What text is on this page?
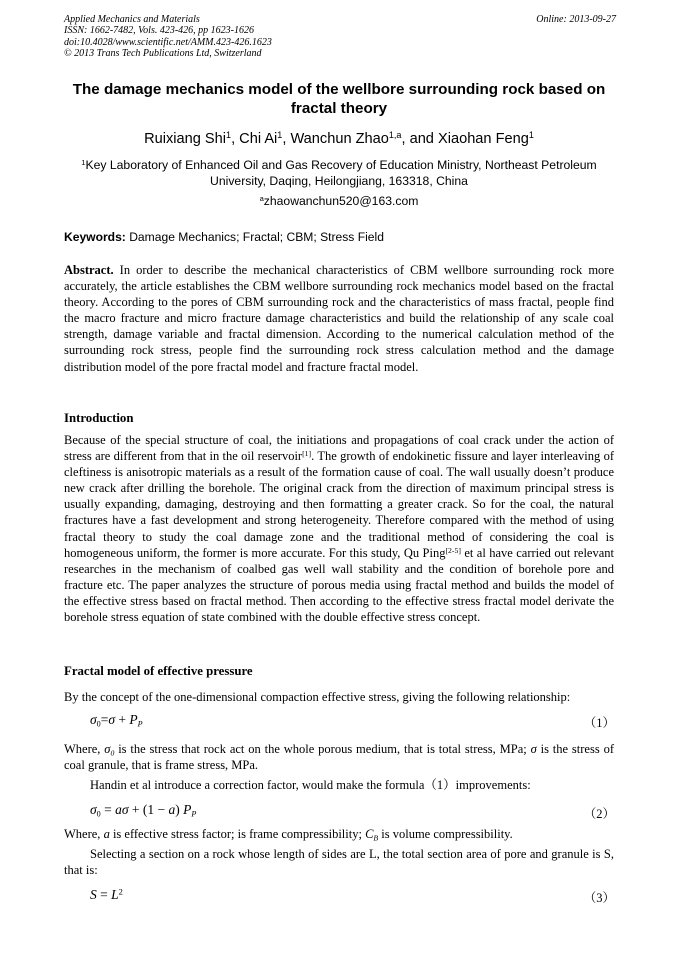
Applied Mechanics and Materials
ISSN: 1662-7482, Vols. 423-426, pp 1623-1626
doi:10.4028/www.scientific.net/AMM.423-426.1623
© 2013 Trans Tech Publications Ltd, Switzerland
Online: 2013-09-27
The damage mechanics model of the wellbore surrounding rock based on fractal theory
Ruixiang Shi$^1$, Chi Ai$^1$, Wanchun Zhao$^{1,a}$, and Xiaohan Feng$^1$
$^1$Key Laboratory of Enhanced Oil and Gas Recovery of Education Ministry, Northeast Petroleum University, Daqing, Heilongjiang, 163318, China
$^a$zhaowanchun520@163.com
Keywords: Damage Mechanics; Fractal; CBM; Stress Field

Abstract. In order to describe the mechanical characteristics of CBM wellbore surrounding rock more accurately, the article establishes the CBM wellbore surrounding rock mechanics model based on the fractal theory. According to the pores of CBM surrounding rock and the characteristics of mass fractal, people find the macro fracture and micro fracture damage characteristics and build the relationship of any scale coal strength, damage variable and fractal dimension. According to the numerical calculation method of the surrounding rock stress, people find the surrounding rock stress calculation method and the damage distribution model of the pore fractal model and fracture fractal model.

Introduction

Because of the special structure of coal, the initiations and propagations of coal crack under the action of stress are different from that in the oil reservoir[1]. The growth of endokinetic fissure and layer interleaving of cleftiness is anisotropic materials as a result of the formation cause of coal. The wall usually doesn’t produce new crack after drilling the borehole. The original crack from the direction of maximum principal stress is usually expanding, damaging, destroying and then formatting a greater crack. So for the coal, the natural fractures have a fast development and strong heterogeneity. Therefore compared with the method of using fractal theory to study the coal damage zone and the traditional method of considering the coal is homogeneous uniform, the former is more accurate. For this study, Qu Ping[2-5] et al have carried out relevant researches in the mechanism of coalbed gas well wall stability and the condition of borehole pore and fracture etc. The paper analyzes the structure of porous media using fractal method and builds the model of the effective stress based on fractal method. Then according to the effective stress fractal model derivate the borehole stress equation of state combined with the double effective stress concept.

Fractal model of effective pressure

By the concept of the one-dimensional compaction effective stress, giving the following relationship:

$\sigma_0=\sigma + P_P$	（1）

Where, $\sigma_0$ is the stress that rock act on the whole porous medium, that is total stress, MPa; σ is the stress of coal granule, that is frame stress, MPa.

Handin et al introduce a correction factor, would make the formula（1）improvements:

$\sigma_0 = a\sigma + (1 - a)$ $P_P$	（2）

Where, a is effective stress factor; is frame compressibility; $C_B$ is volume compressibility.

Selecting a section on a rock whose length of sides are L, the total section area of pore and granule is S, that is:

$S = L^2$	（3）
